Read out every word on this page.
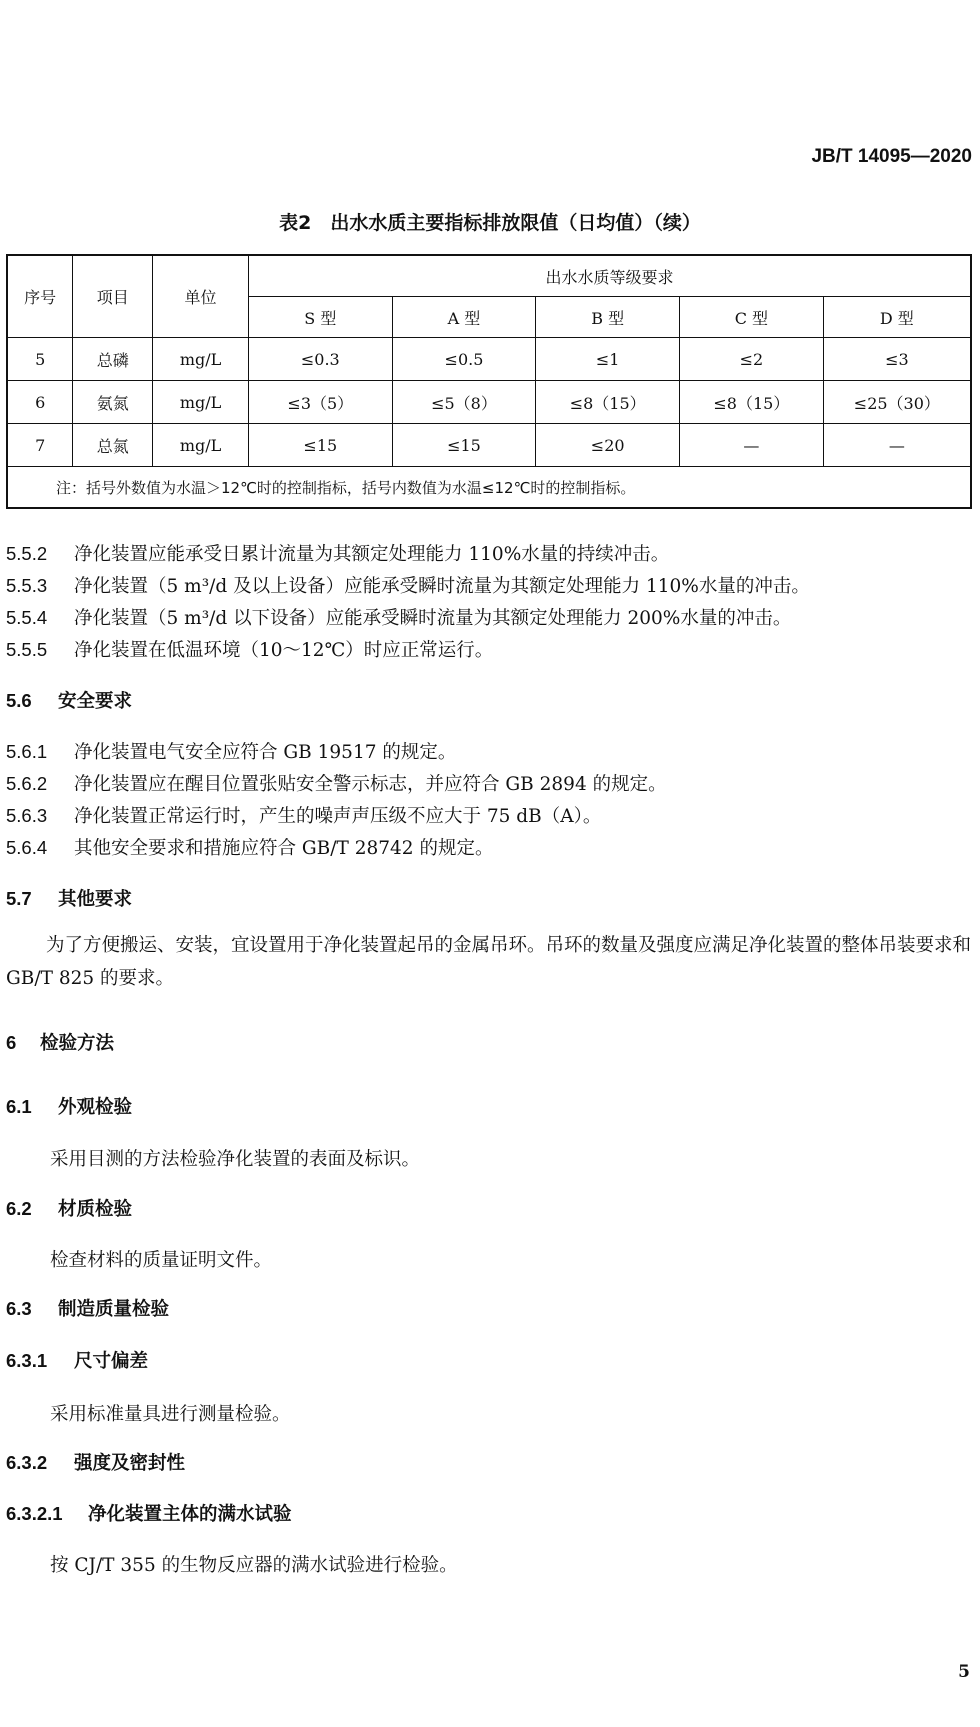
JB/T 14095—2020
表2　出水水质主要指标排放限值（日均值）（续）
序号	项目	单位	出水水质等级要求				
			S 型	A 型	B 型	C 型	D 型
5	总磷	mg/L	≤0.3	≤0.5	≤1	≤2	≤3
6	氨氮	mg/L	≤3（5）	≤5（8）	≤8（15）	≤8（15）	≤25（30）
7	总氮	mg/L	≤15	≤15	≤20	—	—
注：括号外数值为水温＞12℃时的控制指标，括号内数值为水温≤12℃时的控制指标。							
5.5.2 净化装置应能承受日累计流量为其额定处理能力 110%水量的持续冲击。
5.5.3 净化装置（5 m³/d 及以上设备）应能承受瞬时流量为其额定处理能力 110%水量的冲击。
5.5.4 净化装置（5 m³/d 以下设备）应能承受瞬时流量为其额定处理能力 200%水量的冲击。
5.5.5 净化装置在低温环境（10～12℃）时应正常运行。
5.6 安全要求
5.6.1 净化装置电气安全应符合 GB 19517 的规定。
5.6.2 净化装置应在醒目位置张贴安全警示标志，并应符合 GB 2894 的规定。
5.6.3 净化装置正常运行时，产生的噪声声压级不应大于 75 dB（A）。
5.6.4 其他安全要求和措施应符合 GB/T 28742 的规定。
5.7 其他要求
为了方便搬运、安装，宜设置用于净化装置起吊的金属吊环。吊环的数量及强度应满足净化装置的整体吊装要求和 GB/T 825 的要求。
6 检验方法
6.1 外观检验
采用目测的方法检验净化装置的表面及标识。
6.2 材质检验
检查材料的质量证明文件。
6.3 制造质量检验
6.3.1 尺寸偏差
采用标准量具进行测量检验。
6.3.2 强度及密封性
6.3.2.1 净化装置主体的满水试验
按 CJ/T 355 的生物反应器的满水试验进行检验。
5
